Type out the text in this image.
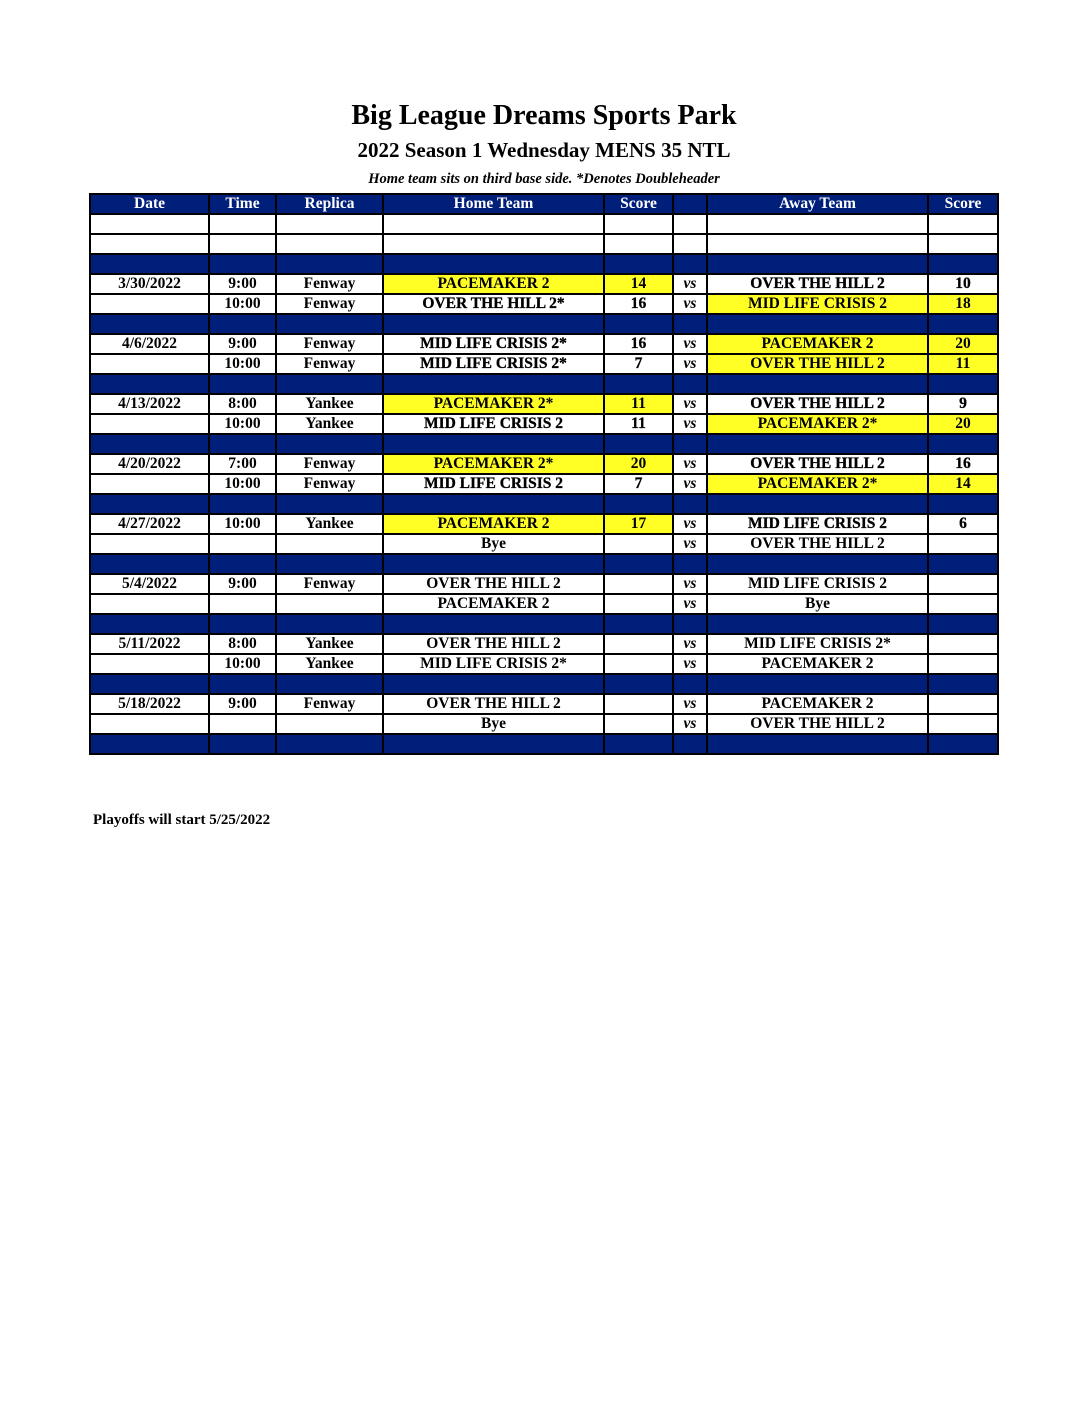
Big League Dreams Sports Park
2022 Season 1 Wednesday MENS 35 NTL
Home team sits on third base side. *Denotes Doubleheader
Date	Time	Replica	Home Team	Score		Away Team	Score

3/30/2022	9:00	Fenway	PACEMAKER 2	14	vs	OVER THE HILL 2	10
	10:00	Fenway	OVER THE HILL 2*	16	vs	MID LIFE CRISIS 2	18

4/6/2022	9:00	Fenway	MID LIFE CRISIS 2*	16	vs	PACEMAKER 2	20
	10:00	Fenway	MID LIFE CRISIS 2*	7	vs	OVER THE HILL 2	11

4/13/2022	8:00	Yankee	PACEMAKER 2*	11	vs	OVER THE HILL 2	9
	10:00	Yankee	MID LIFE CRISIS 2	11	vs	PACEMAKER 2*	20

4/20/2022	7:00	Fenway	PACEMAKER 2*	20	vs	OVER THE HILL 2	16
	10:00	Fenway	MID LIFE CRISIS 2	7	vs	PACEMAKER 2*	14

4/27/2022	10:00	Yankee	PACEMAKER 2	17	vs	MID LIFE CRISIS 2	6
			Bye		vs	OVER THE HILL 2	

5/4/2022	9:00	Fenway	OVER THE HILL 2		vs	MID LIFE CRISIS 2	
			PACEMAKER 2		vs	Bye	

5/11/2022	8:00	Yankee	OVER THE HILL 2		vs	MID LIFE CRISIS 2*	
	10:00	Yankee	MID LIFE CRISIS 2*		vs	PACEMAKER 2	

5/18/2022	9:00	Fenway	OVER THE HILL 2		vs	PACEMAKER 2	
			Bye		vs	OVER THE HILL 2	

Playoffs will start 5/25/2022
